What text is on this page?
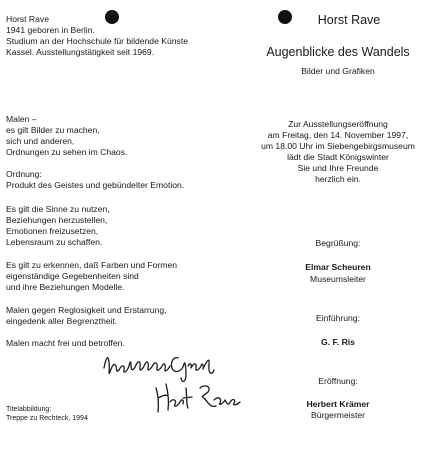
Horst Rave
1941 geboren in Berlin.
Studium an der Hochschule für bildende Künste
Kassel. Ausstellungstätigkeit seit 1969.
Malen –
es gilt Bilder zu machen,
sich und anderen,
Ordnungen zu sehen im Chaos.
Ordnung:
Produkt des Geistes und gebündelter Emotion.
Es gilt die Sinne zu nutzen,
Beziehungen herzustellen,
Emotionen freizusetzen,
Lebensraum zu schaffen.
Es gilt zu erkennen, daß Farben und Formen
eigenständige Gegebenheiten sind
und ihre Beziehungen Modelle.
Malen gegen Reglosigkeit und Erstarrung,
eingedenk aller Begrenztheit.
Malen macht frei und betroffen.
Titelabbildung:
Treppe zu Rechteck, 1994
Horst Rave
Augenblicke des Wandels
Bilder und Grafiken
Zur Ausstellungseröffnung
am Freitag, den 14. November 1997,
um 18.00 Uhr im Siebengebirgsmuseum
lädt die Stadt Königswinter
Sie und Ihre Freunde
herzlich ein.
Begrüßung:
Elmar Scheuren
Museumsleiter
Einführung:
G. F. Ris
Eröffnung:
Herbert Krämer
Bürgermeister
